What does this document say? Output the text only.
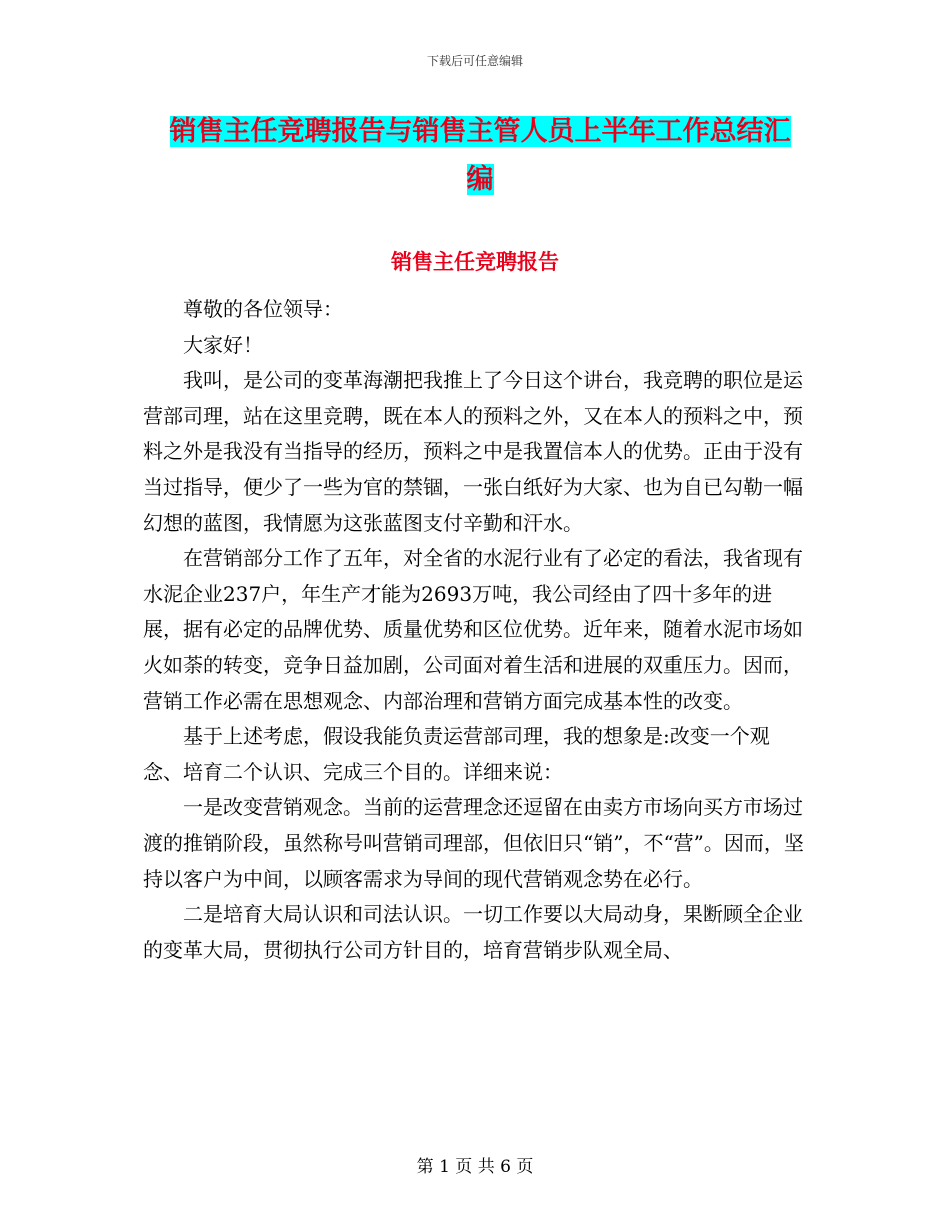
下载后可任意编辑
销售主任竞聘报告与销售主管人员上半年工作总结汇
编
销售主任竞聘报告

尊敬的各位领导：

大家好！

我叫，是公司的变革海潮把我推上了今日这个讲台，我竞聘的职位是运营部司理，站在这里竞聘，既在本人的预料之外，又在本人的预料之中，预料之外是我没有当指导的经历，预料之中是我置信本人的优势。正由于没有当过指导，便少了一些为官的禁锢，一张白纸好为大家、也为自已勾勒一幅幻想的蓝图，我情愿为这张蓝图支付辛勤和汗水。

在营销部分工作了五年，对全省的水泥行业有了必定的看法，我省现有水泥企业237户，年生产才能为2693万吨，我公司经由了四十多年的进展，据有必定的品牌优势、质量优势和区位优势。近年来，随着水泥市场如火如荼的转变，竞争日益加剧，公司面对着生活和进展的双重压力。因而，营销工作必需在思想观念、内部治理和营销方面完成基本性的改变。

基于上述考虑，假设我能负责运营部司理，我的想象是:改变一个观念、培育二个认识、完成三个目的。详细来说：

一是改变营销观念。当前的运营理念还逗留在由卖方市场向买方市场过渡的推销阶段，虽然称号叫营销司理部，但依旧只“销”，不“营”。因而，坚持以客户为中间，以顾客需求为导间的现代营销观念势在必行。

二是培育大局认识和司法认识。一切工作要以大局动身，果断顾全企业的变革大局，贯彻执行公司方针目的，培育营销步队观全局、

第 1 页 共 6 页
